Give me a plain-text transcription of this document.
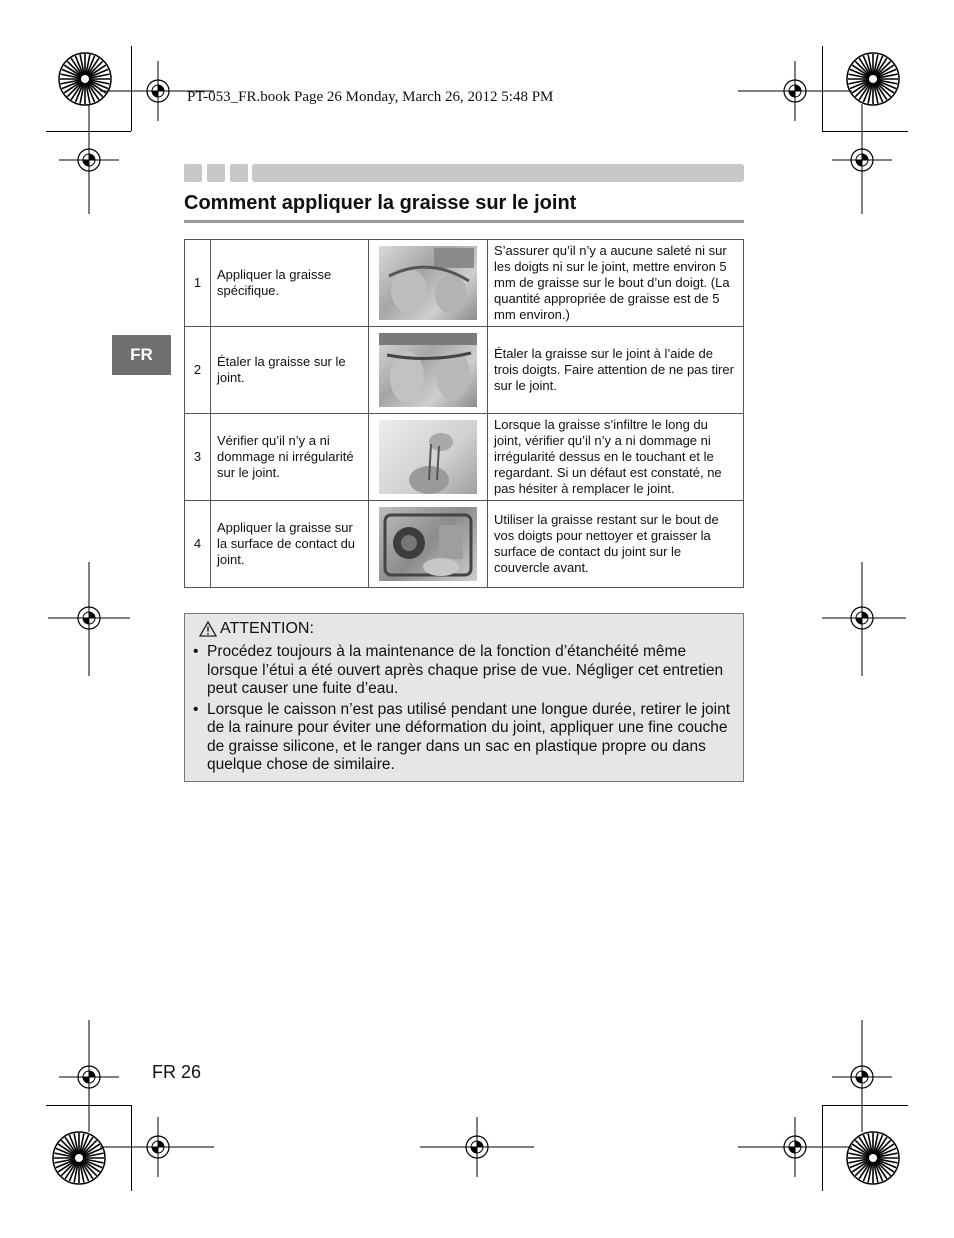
PT-053_FR.book Page 26 Monday, March 26, 2012 5:48 PM
Comment appliquer la graisse sur le joint
FR
1	Appliquer la graisse spécifique.		S’assurer qu’il n’y a aucune saleté ni sur les doigts ni sur le joint, mettre environ 5 mm de graisse sur le bout d’un doigt. (La quantité appropriée de graisse est de 5 mm environ.)
2	Étaler la graisse sur le joint.		Étaler la graisse sur le joint à l’aide de trois doigts. Faire attention de ne pas tirer sur le joint.
3	Vérifier qu’il n’y a ni dommage ni irrégularité sur le joint.		Lorsque la graisse s’infiltre le long du joint, vérifier qu’il n’y a ni dommage ni irrégularité dessus en le touchant et le regardant. Si un défaut est constaté, ne pas hésiter à remplacer le joint.
4	Appliquer la graisse sur la surface de contact du joint.		Utiliser la graisse restant sur le bout de vos doigts pour nettoyer et graisser la surface de contact du joint sur le couvercle avant.
ATTENTION:
• Procédez toujours à la maintenance de la fonction d’étanchéité même lorsque l’étui a été ouvert après chaque prise de vue. Négliger cet entretien peut causer une fuite d’eau.
• Lorsque le caisson n’est pas utilisé pendant une longue durée, retirer le joint de la rainure pour éviter une déformation du joint, appliquer une fine couche de graisse silicone, et le ranger dans un sac en plastique propre ou dans quelque chose de similaire.
FR 26
